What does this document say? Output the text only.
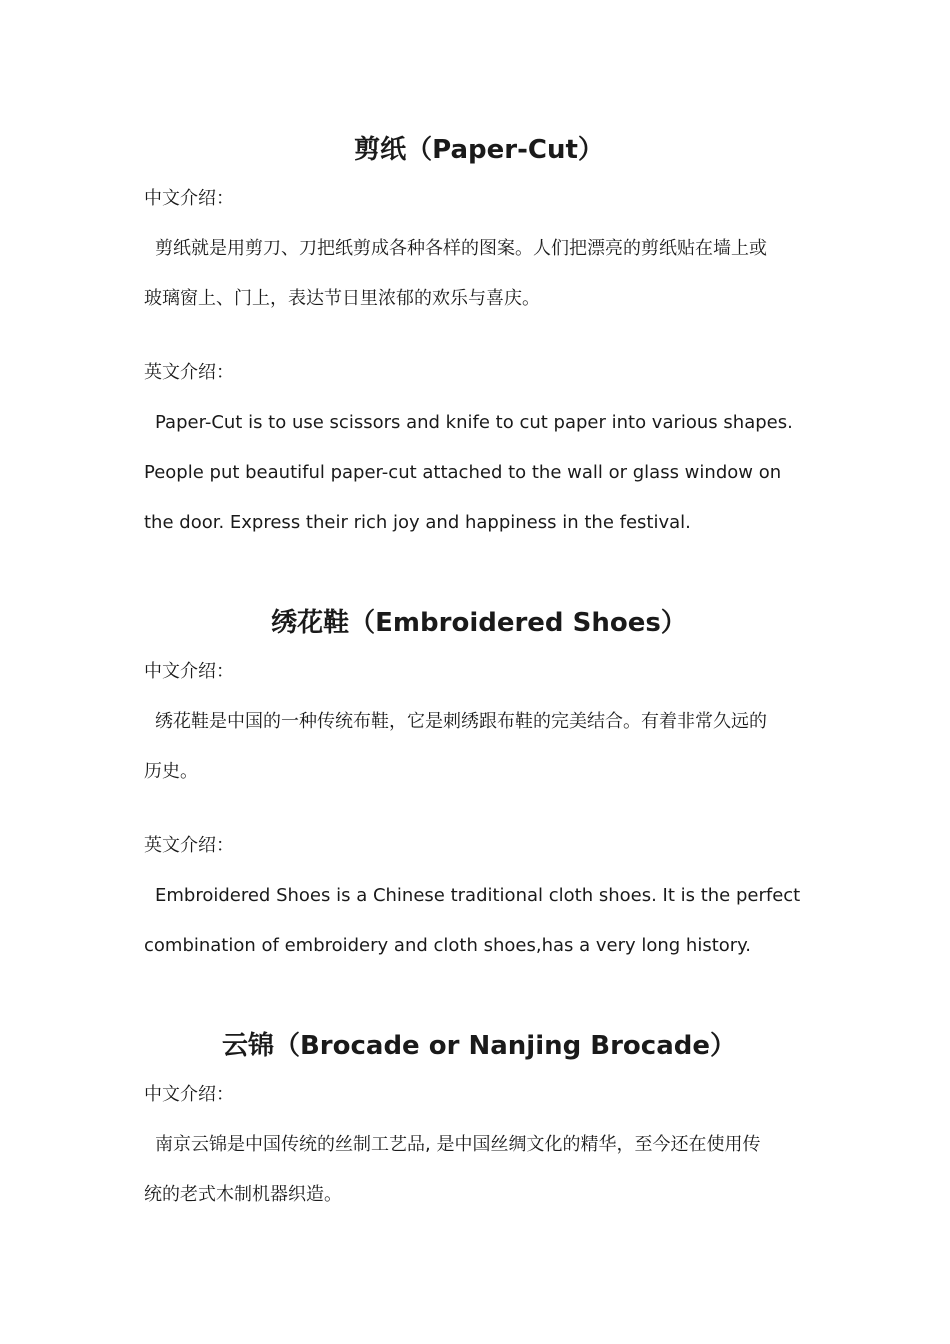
剪纸（Paper-Cut）
中文介绍：
剪纸就是用剪刀、刀把纸剪成各种各样的图案。人们把漂亮的剪纸贴在墙上或
玻璃窗上、门上，表达节日里浓郁的欢乐与喜庆。
英文介绍：
Paper-Cut is to use scissors and knife to cut paper into various shapes.
People put beautiful paper-cut attached to the wall or glass window on
the door. Express their rich joy and happiness in the festival.
绣花鞋（Embroidered Shoes）
中文介绍：
绣花鞋是中国的一种传统布鞋，它是刺绣跟布鞋的完美结合。有着非常久远的
历史。
英文介绍：
Embroidered Shoes is a Chinese traditional cloth shoes. It is the perfect
combination of embroidery and cloth shoes,has a very long history.
云锦（Brocade or Nanjing Brocade）
中文介绍：
南京云锦是中国传统的丝制工艺品, 是中国丝绸文化的精华，至今还在使用传
统的老式木制机器织造。
